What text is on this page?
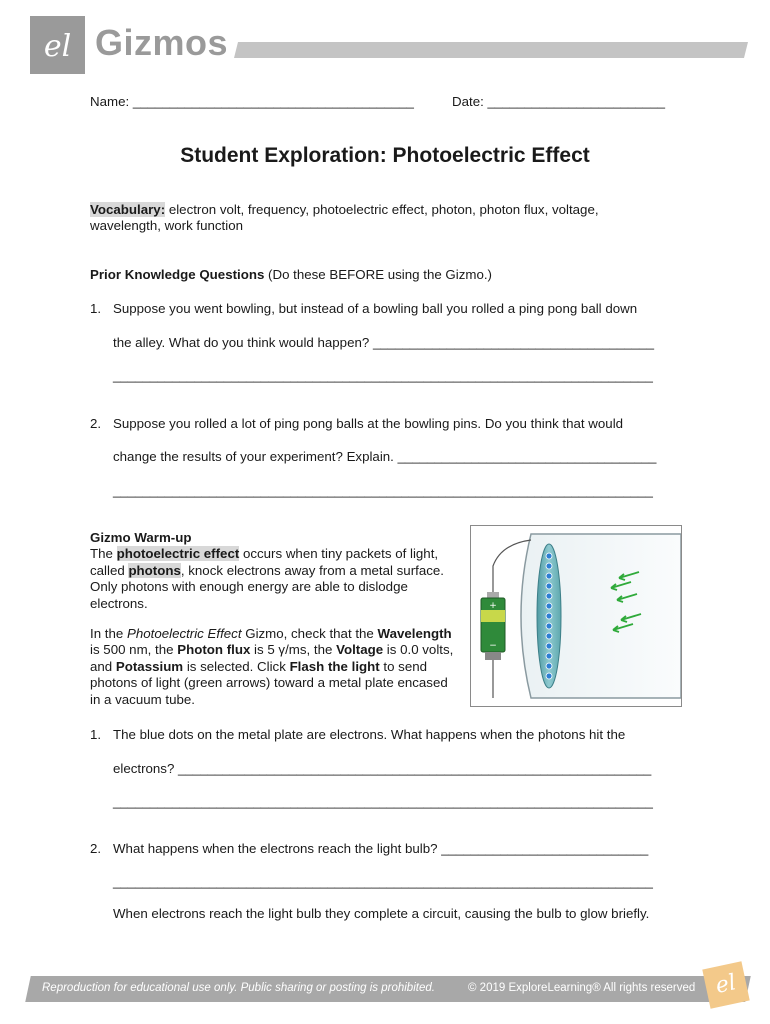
el Gizmos
Name: ______________________________________	Date: ________________________
Student Exploration: Photoelectric Effect
Vocabulary: electron volt, frequency, photoelectric effect, photon, photon flux, voltage,
wavelength, work function
Prior Knowledge Questions (Do these BEFORE using the Gizmo.)
1. Suppose you went bowling, but instead of a bowling ball you rolled a ping pong ball down
the alley. What do you think would happen? ______________________________________
_________________________________________________________________________
2. Suppose you rolled a lot of ping pong balls at the bowling pins. Do you think that would
change the results of your experiment? Explain. ___________________________________
_________________________________________________________________________
Gizmo Warm-up

The photoelectric effect occurs when tiny packets of light, called photons, knock electrons away from a metal surface. Only photons with enough energy are able to dislodge electrons.

In the Photoelectric Effect Gizmo, check that the Wavelength is 500 nm, the Photon flux is 5 γ/ms, the Voltage is 0.0 volts, and Potassium is selected. Click Flash the light to send photons of light (green arrows) toward a metal plate encased in a vacuum tube.

+
−
1. The blue dots on the metal plate are electrons. What happens when the photons hit the
electrons? ________________________________________________________________
_________________________________________________________________________
2. What happens when the electrons reach the light bulb? ____________________________
_________________________________________________________________________
When electrons reach the light bulb they complete a circuit, causing the bulb to glow briefly.
Reproduction for educational use only. Public sharing or posting is prohibited.	© 2019 ExploreLearning® All rights reserved el
